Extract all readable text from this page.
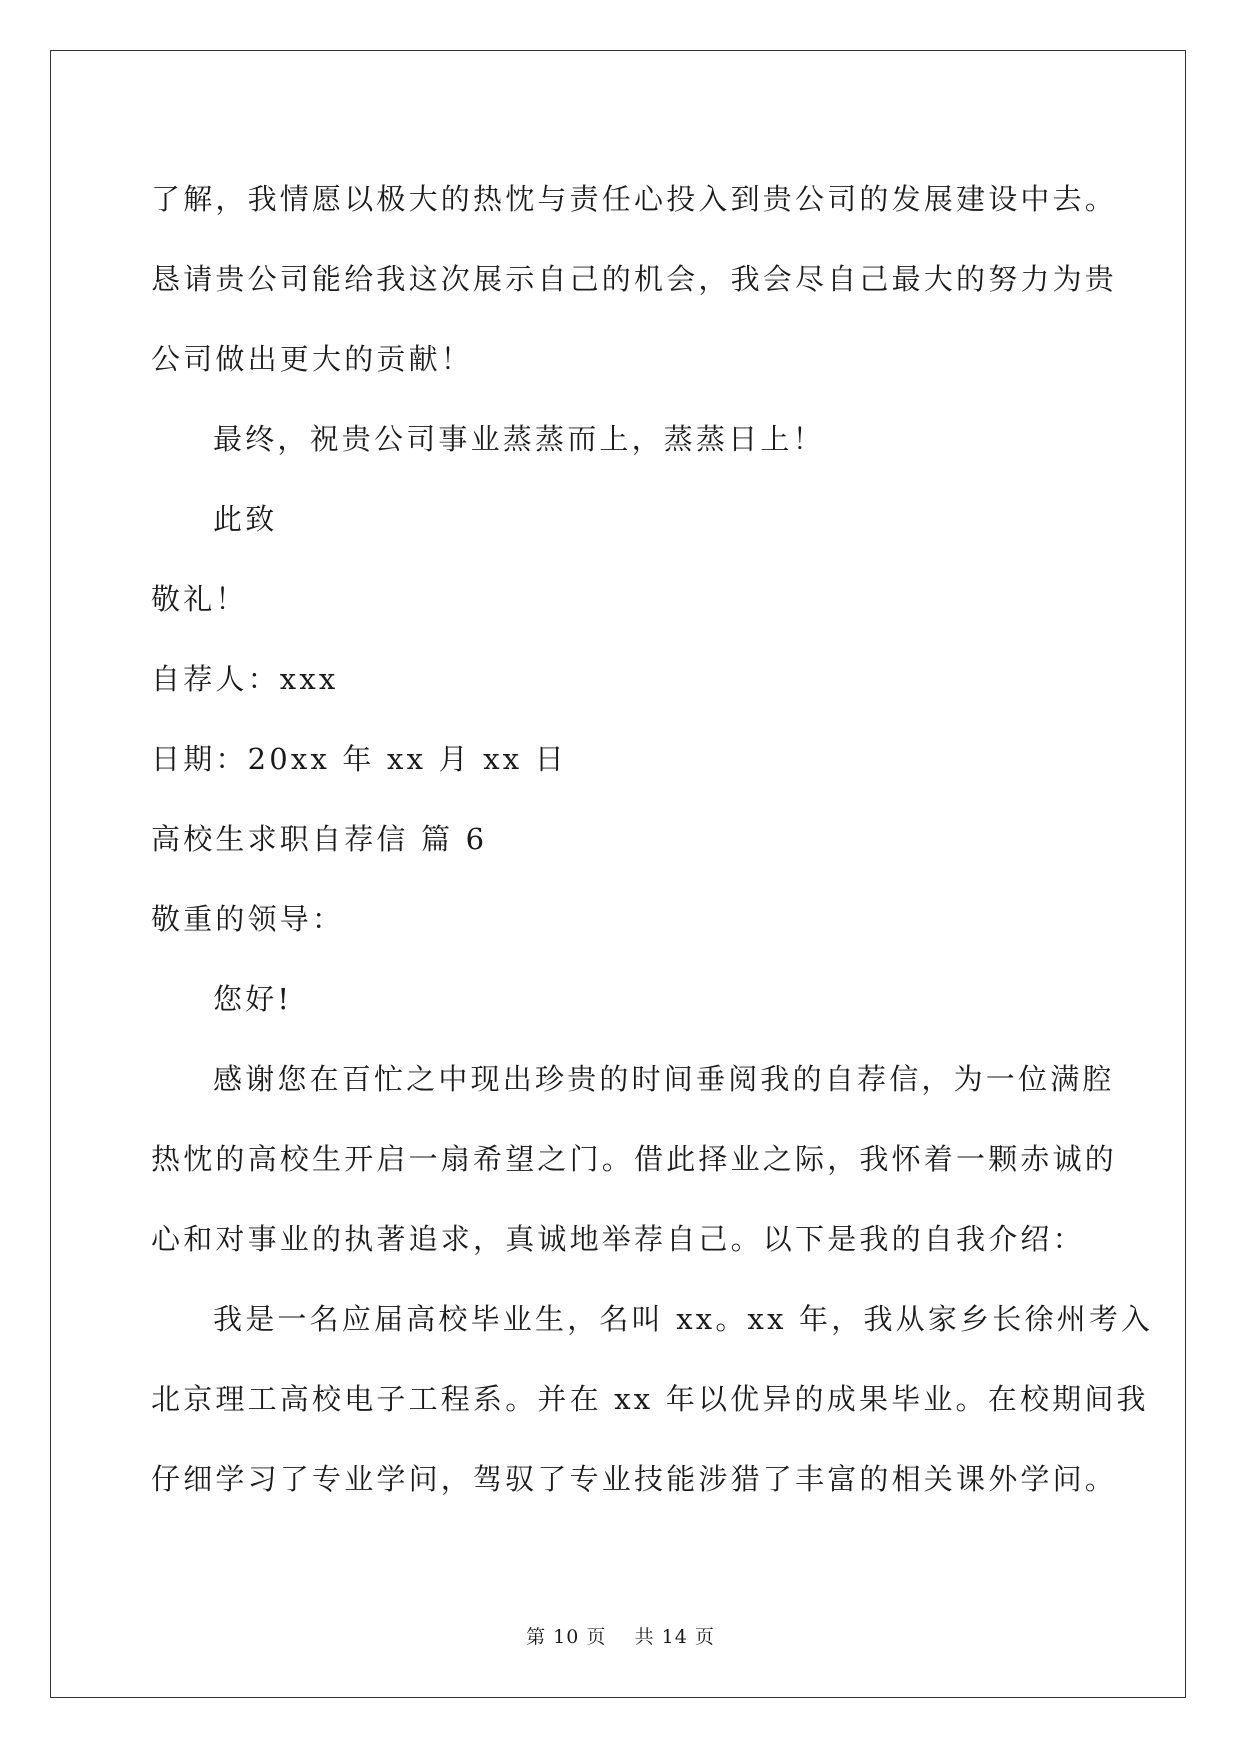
了解，我情愿以极大的热忱与责任心投入到贵公司的发展建设中去。

恳请贵公司能给我这次展示自己的机会，我会尽自己最大的努力为贵

公司做出更大的贡献！

最终，祝贵公司事业蒸蒸而上，蒸蒸日上！

此致

敬礼！

自荐人：xxx

日期：20xx 年 xx 月 xx 日

高校生求职自荐信 篇 6

敬重的领导：

您好!

感谢您在百忙之中现出珍贵的时间垂阅我的自荐信，为一位满腔

热忱的高校生开启一扇希望之门。借此择业之际，我怀着一颗赤诚的

心和对事业的执著追求，真诚地举荐自己。以下是我的自我介绍：

我是一名应届高校毕业生，名叫 xx。xx 年，我从家乡长徐州考入

北京理工高校电子工程系。并在 xx 年以优异的成果毕业。在校期间我

仔细学习了专业学问，驾驭了专业技能涉猎了丰富的相关课外学问。

第 10 页 共 14 页
